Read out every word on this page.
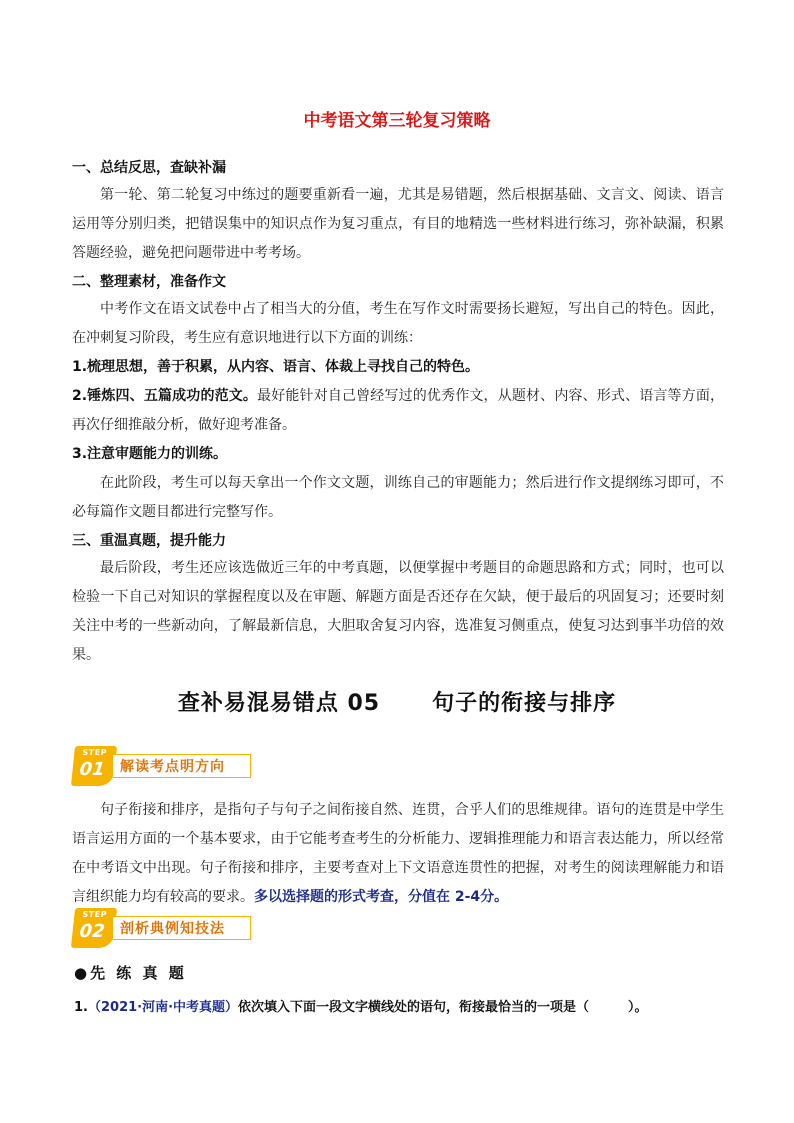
中考语文第三轮复习策略

一、总结反思，查缺补漏

第一轮、第二轮复习中练过的题要重新看一遍，尤其是易错题，然后根据基础、文言文、阅读、语言运用等分别归类，把错误集中的知识点作为复习重点，有目的地精选一些材料进行练习，弥补缺漏，积累答题经验，避免把问题带进中考考场。

二、整理素材，准备作文

中考作文在语文试卷中占了相当大的分值，考生在写作文时需要扬长避短，写出自己的特色。因此，在冲刺复习阶段，考生应有意识地进行以下方面的训练：

1.梳理思想，善于积累，从内容、语言、体裁上寻找自己的特色。

2.锤炼四、五篇成功的范文。最好能针对自己曾经写过的优秀作文，从题材、内容、形式、语言等方面，再次仔细推敲分析，做好迎考准备。

3.注意审题能力的训练。

在此阶段，考生可以每天拿出一个作文文题，训练自己的审题能力；然后进行作文提纲练习即可，不必每篇作文题目都进行完整写作。

三、重温真题，提升能力

最后阶段，考生还应该选做近三年的中考真题，以便掌握中考题目的命题思路和方式；同时，也可以检验一下自己对知识的掌握程度以及在审题、解题方面是否还存在欠缺，便于最后的巩固复习；还要时刻关注中考的一些新动向，了解最新信息，大胆取舍复习内容，选准复习侧重点，使复习达到事半功倍的效果。

查补易混易错点 05 句子的衔接与排序
STEP
01	解读考点明方向

句子衔接和排序，是指句子与句子之间衔接自然、连贯，合乎人们的思维规律。语句的连贯是中学生语言运用方面的一个基本要求，由于它能考查考生的分析能力、逻辑推理能力和语言表达能力，所以经常在中考语文中出现。句子衔接和排序，主要考查对上下文语意连贯性的把握，对考生的阅读理解能力和语言组织能力均有较高的要求。多以选择题的形式考查，分值在 2-4分。

STEP
02	剖析典例知技法
●先 练 真 题
1.（2021·河南·中考真题）依次填入下面一段文字横线处的语句，衔接最恰当的一项是（　　　）。
